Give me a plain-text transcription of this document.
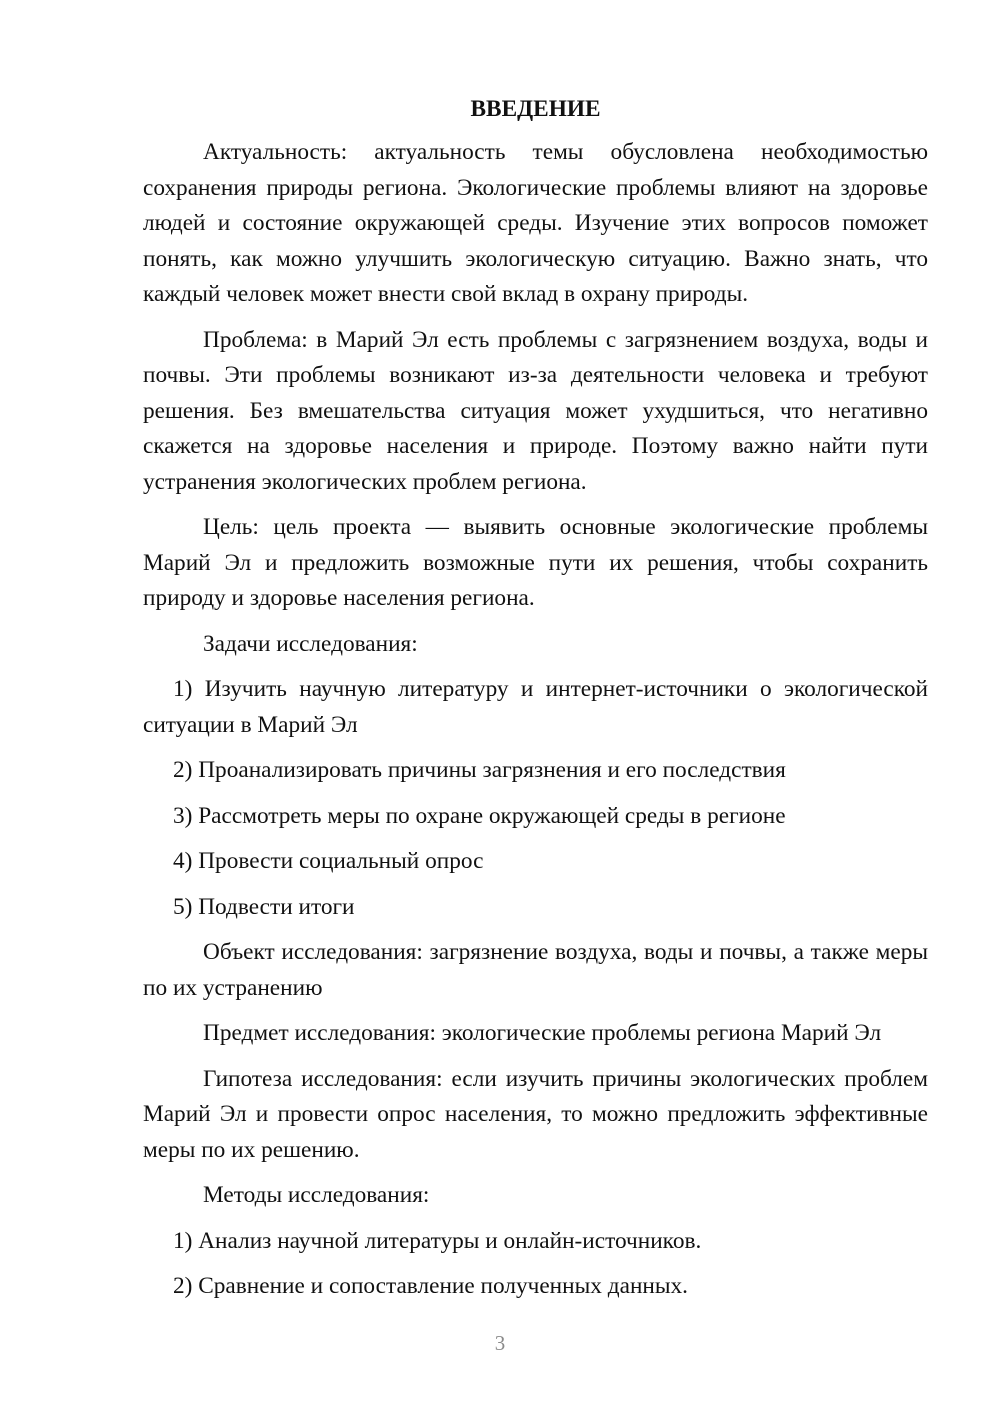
ВВЕДЕНИЕ

Актуальность: актуальность темы обусловлена необходимостью сохранения природы региона. Экологические проблемы влияют на здоровье людей и состояние окружающей среды. Изучение этих вопросов поможет понять, как можно улучшить экологическую ситуацию. Важно знать, что каждый человек может внести свой вклад в охрану природы.

Проблема: в Марий Эл есть проблемы с загрязнением воздуха, воды и почвы. Эти проблемы возникают из-за деятельности человека и требуют решения. Без вмешательства ситуация может ухудшиться, что негативно скажется на здоровье населения и природе. Поэтому важно найти пути устранения экологических проблем региона.

Цель: цель проекта — выявить основные экологические проблемы Марий Эл и предложить возможные пути их решения, чтобы сохранить природу и здоровье населения региона.

Задачи исследования:

1) Изучить научную литературу и интернет-источники о экологической ситуации в Марий Эл

2) Проанализировать причины загрязнения и его последствия

3) Рассмотреть меры по охране окружающей среды в регионе

4) Провести социальный опрос

5) Подвести итоги

Объект исследования: загрязнение воздуха, воды и почвы, а также меры по их устранению

Предмет исследования: экологические проблемы региона Марий Эл

Гипотеза исследования: если изучить причины экологических проблем Марий Эл и провести опрос населения, то можно предложить эффективные меры по их решению.

Методы исследования:

1) Анализ научной литературы и онлайн-источников.

2) Сравнение и сопоставление полученных данных.

3
